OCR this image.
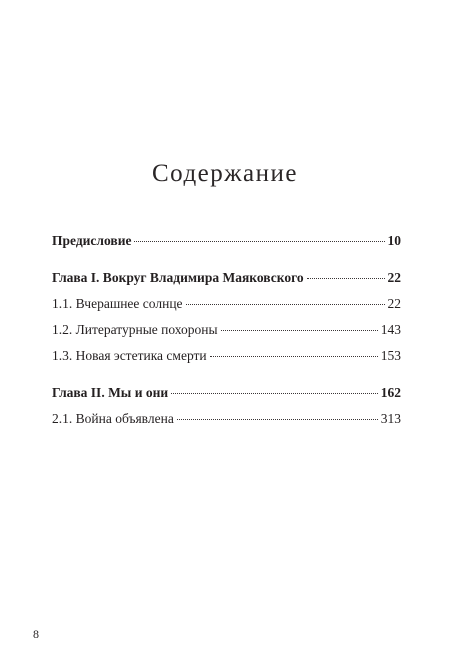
Содержание
Предисловие	10
Глава I. Вокруг Владимира Маяковского	22
1.1. Вчерашнее солнце	22
1.2. Литературные похороны	143
1.3. Новая эстетика смерти	153
Глава II. Мы и они	162
2.1. Война объявлена	313
8
